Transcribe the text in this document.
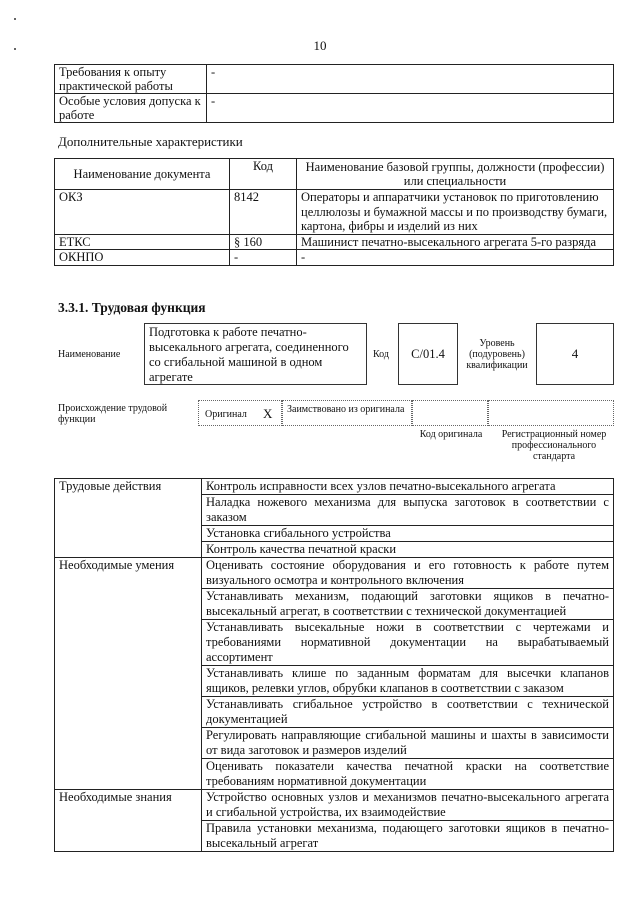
10
Требования к опыту практической работы	-
Особые условия допуска к работе	-
Дополнительные характеристики
Наименование документа	Код	Наименование базовой группы, должности (профессии) или специальности
ОКЗ	8142	Операторы и аппаратчики установок по приготовлению целлюлозы и бумажной массы и по производству бумаги, картона, фибры и изделий из них
ЕТКС	§ 160	Машинист печатно-высекального агрегата 5-го разряда
ОКНПО	-	-
3.3.1. Трудовая функция
Наименование
Подготовка к работе печатно-высекального агрегата, соединенного со сгибальной машиной в одном агрегате
Код	C/01.4
Уровень (подуровень) квалификации
4
Происхождение трудовой функции	Оригинал X Заимствовано из оригинала
Код оригинала	Регистрационный номер профессионального стандарта
Трудовые действия	Контроль исправности всех узлов печатно-высекального агрегата
	Наладка ножевого механизма для выпуска заготовок в соответствии с заказом
	Установка сгибального устройства
	Контроль качества печатной краски
Необходимые умения	Оценивать состояние оборудования и его готовность к работе путем визуального осмотра и контрольного включения
	Устанавливать механизм, подающий заготовки ящиков в печатно-высекальный агрегат, в соответствии с технической документацией
	Устанавливать высекальные ножи в соответствии с чертежами и требованиями нормативной документации на вырабатываемый ассортимент
	Устанавливать клише по заданным форматам для высечки клапанов ящиков, релевки углов, обрубки клапанов в соответствии с заказом
	Устанавливать сгибальное устройство в соответствии с технической документацией
	Регулировать направляющие сгибальной машины и шахты в зависимости от вида заготовок и размеров изделий
	Оценивать показатели качества печатной краски на соответствие требованиям нормативной документации
Необходимые знания	Устройство основных узлов и механизмов печатно-высекального агрегата и сгибальной устройства, их взаимодействие
	Правила установки механизма, подающего заготовки ящиков в печатно-высекальный агрегат
